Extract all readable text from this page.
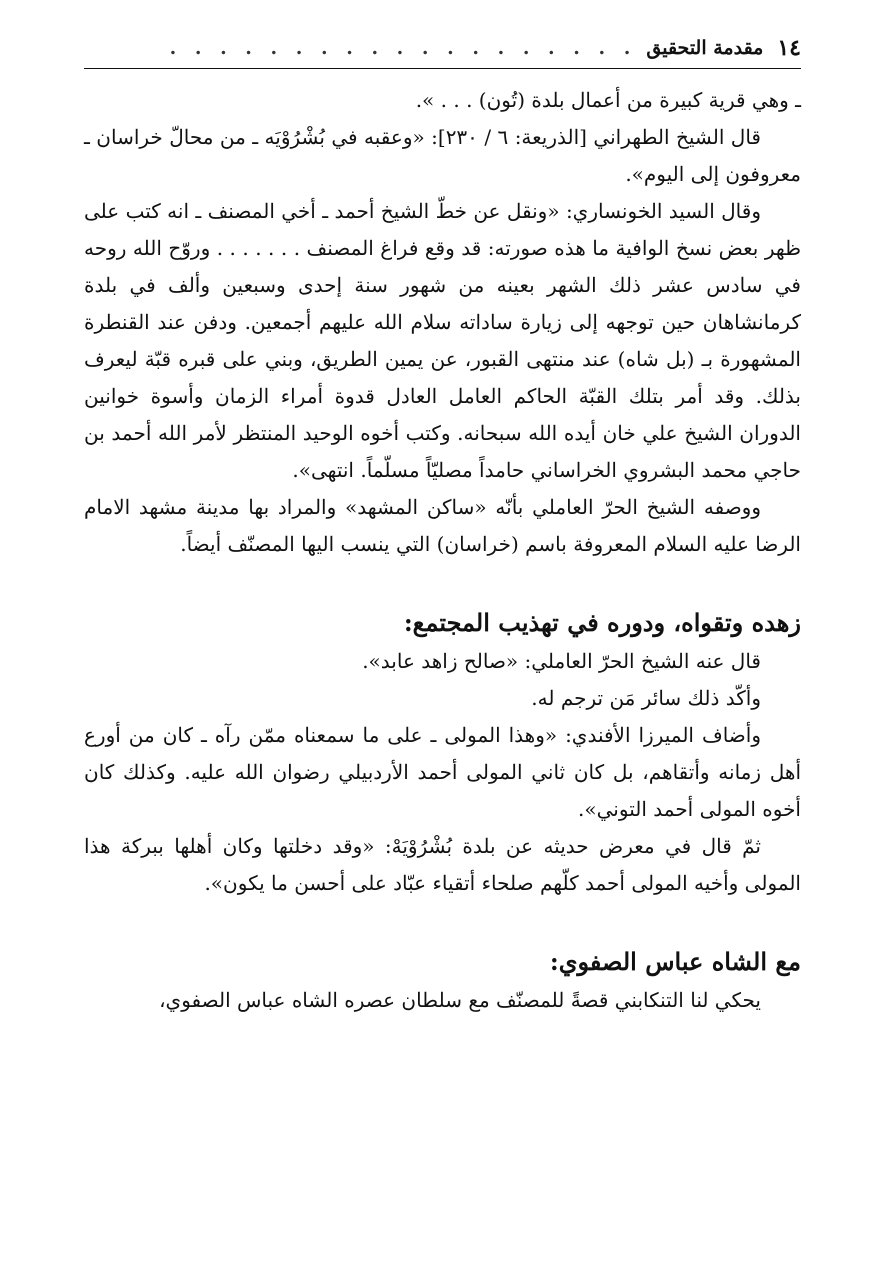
١٤
مقدمة التحقيق
. . . . . . . . . . . . . . . . . . .

ـ وهي قرية كبيرة من أعمال بلدة (تُون) . . . ».

قال الشيخ الطهراني [الذريعة: ٦ / ٢٣٠]: «وعقبه في بُشْرُوْيَه ـ من محالّ خراسان ـ معروفون إلى اليوم».

وقال السيد الخونساري: «ونقل عن خطّ الشيخ أحمد ـ أخي المصنف ـ انه كتب على ظهر بعض نسخ الوافية ما هذه صورته: قد وقع فراغ المصنف . . . . . . . وروّح الله روحه في سادس عشر ذلك الشهر بعينه من شهور سنة إحدى وسبعين وألف في بلدة كرمانشاهان حين توجهه إلى زيارة ساداته سلام الله عليهم أجمعين. ودفن عند القنطرة المشهورة بـ (بل شاه) عند منتهى القبور، عن يمين الطريق، وبني على قبره قبّة ليعرف بذلك. وقد أمر بتلك القبّة الحاكم العامل العادل قدوة أمراء الزمان وأسوة خوانين الدوران الشيخ علي خان أيده الله سبحانه. وكتب أخوه الوحيد المنتظر لأمر الله أحمد بن حاجي محمد البشروي الخراساني حامداً مصليّاً مسلّماً. انتهى».

ووصفه الشيخ الحرّ العاملي بأنّه «ساكن المشهد» والمراد بها مدينة مشهد الامام الرضا عليه السلام المعروفة باسم (خراسان) التي ينسب اليها المصنّف أيضاً.

زهده وتقواه، ودوره في تهذيب المجتمع:

قال عنه الشيخ الحرّ العاملي: «صالح زاهد عابد».

وأكّد ذلك سائر مَن ترجم له.

وأضاف الميرزا الأفندي: «وهذا المولى ـ على ما سمعناه ممّن رآه ـ كان من أورع أهل زمانه وأتقاهم، بل كان ثاني المولى أحمد الأردبيلي رضوان الله عليه. وكذلك كان أخوه المولى أحمد التوني».

ثمّ قال في معرض حديثه عن بلدة بُشْرُوْيَهْ: «وقد دخلتها وكان أهلها ببركة هذا المولى وأخيه المولى أحمد كلّهم صلحاء أتقياء عبّاد على أحسن ما يكون».

مع الشاه عباس الصفوي:

يحكي لنا التنكابني قصةً للمصنّف مع سلطان عصره الشاه عباس الصفوي،
